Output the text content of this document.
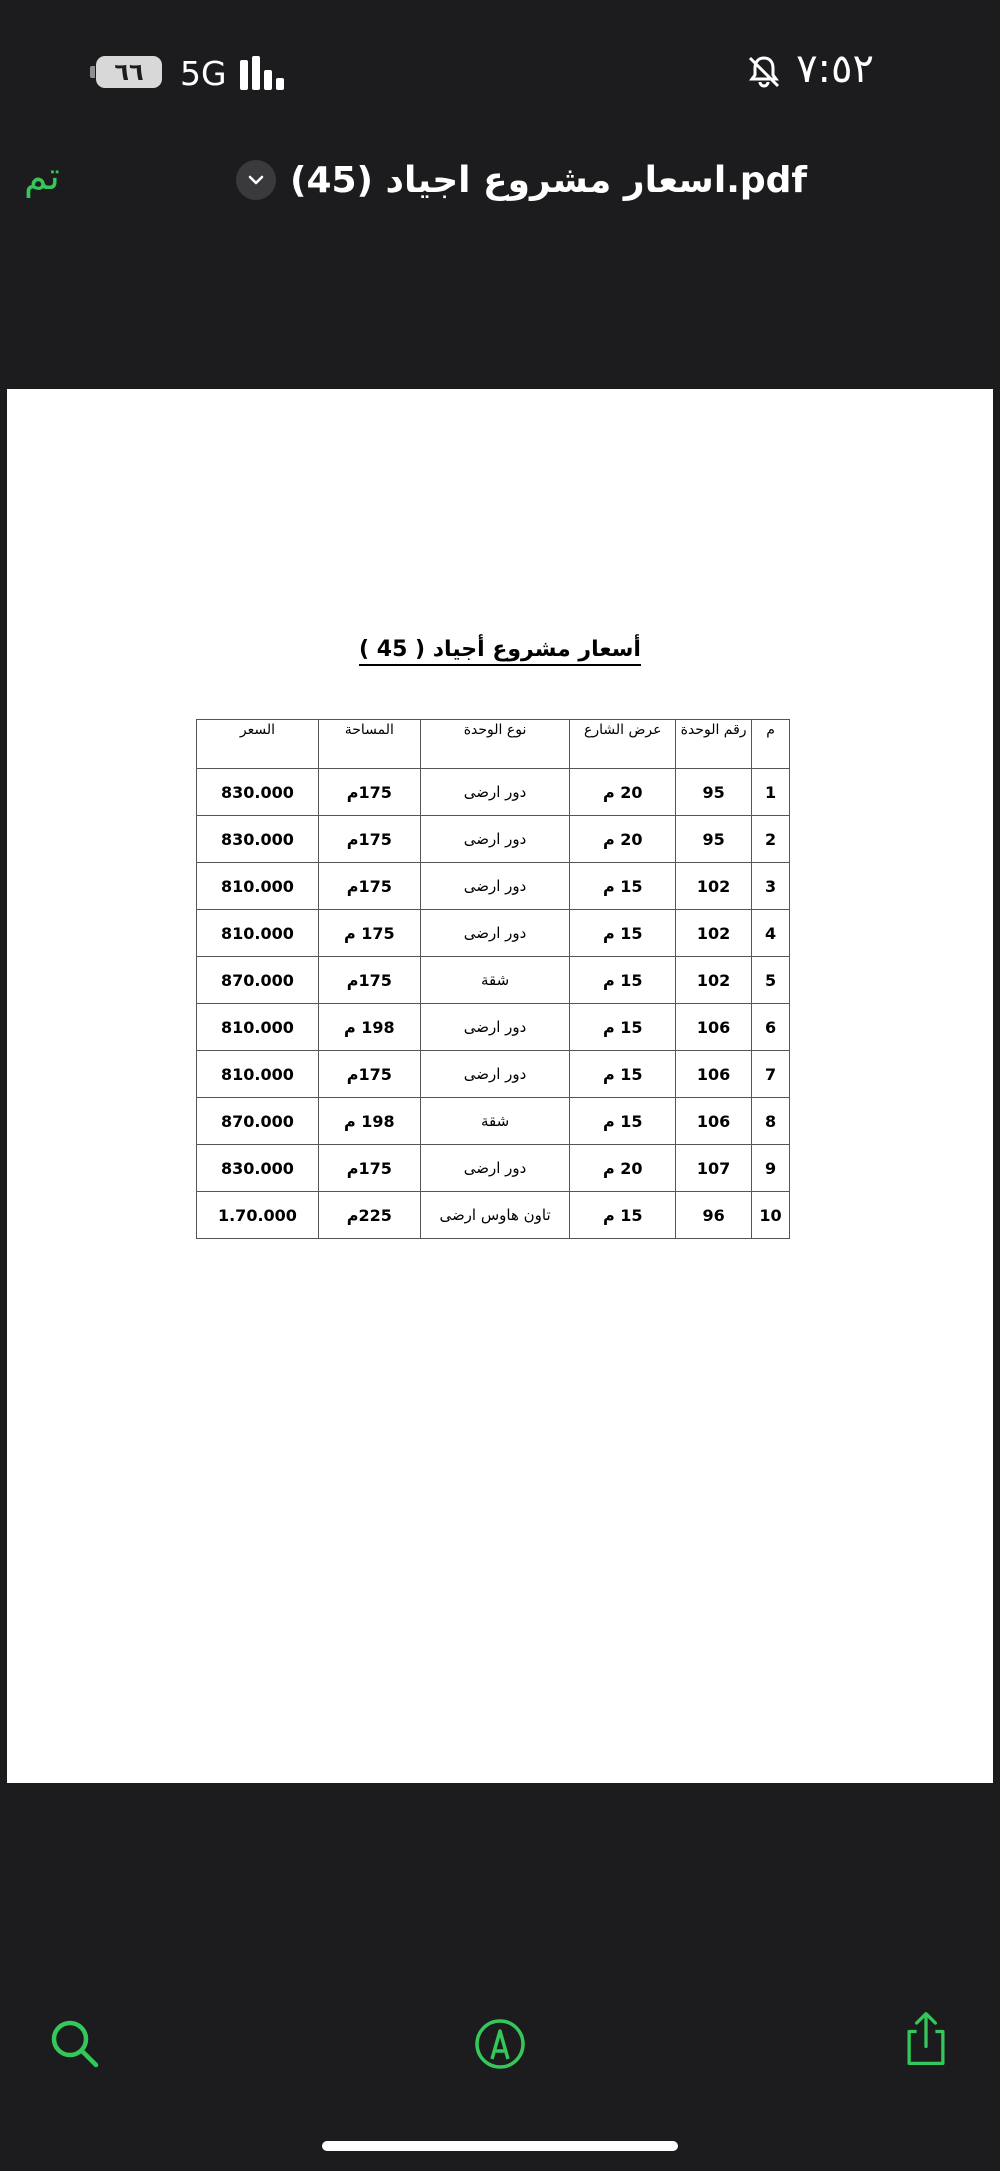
٦٦	5G	٧:٥٢
تم	(45) اسعار مشروع اجياد.pdf
أسعار مشروع أجياد ( 45 )
م	رقم الوحدة	عرض الشارع	نوع الوحدة	المساحة	السعر
1	95	20 م	دور ارضى	175م	830.000
2	95	20 م	دور ارضى	175م	830.000
3	102	15 م	دور ارضى	175م	810.000
4	102	15 م	دور ارضى	175 م	810.000
5	102	15 م	شقة	175م	870.000
6	106	15 م	دور ارضى	198 م	810.000
7	106	15 م	دور ارضى	175م	810.000
8	106	15 م	شقة	198 م	870.000
9	107	20 م	دور ارضى	175م	830.000
10	96	15 م	تاون هاوس ارضى	225م	1.70.000
